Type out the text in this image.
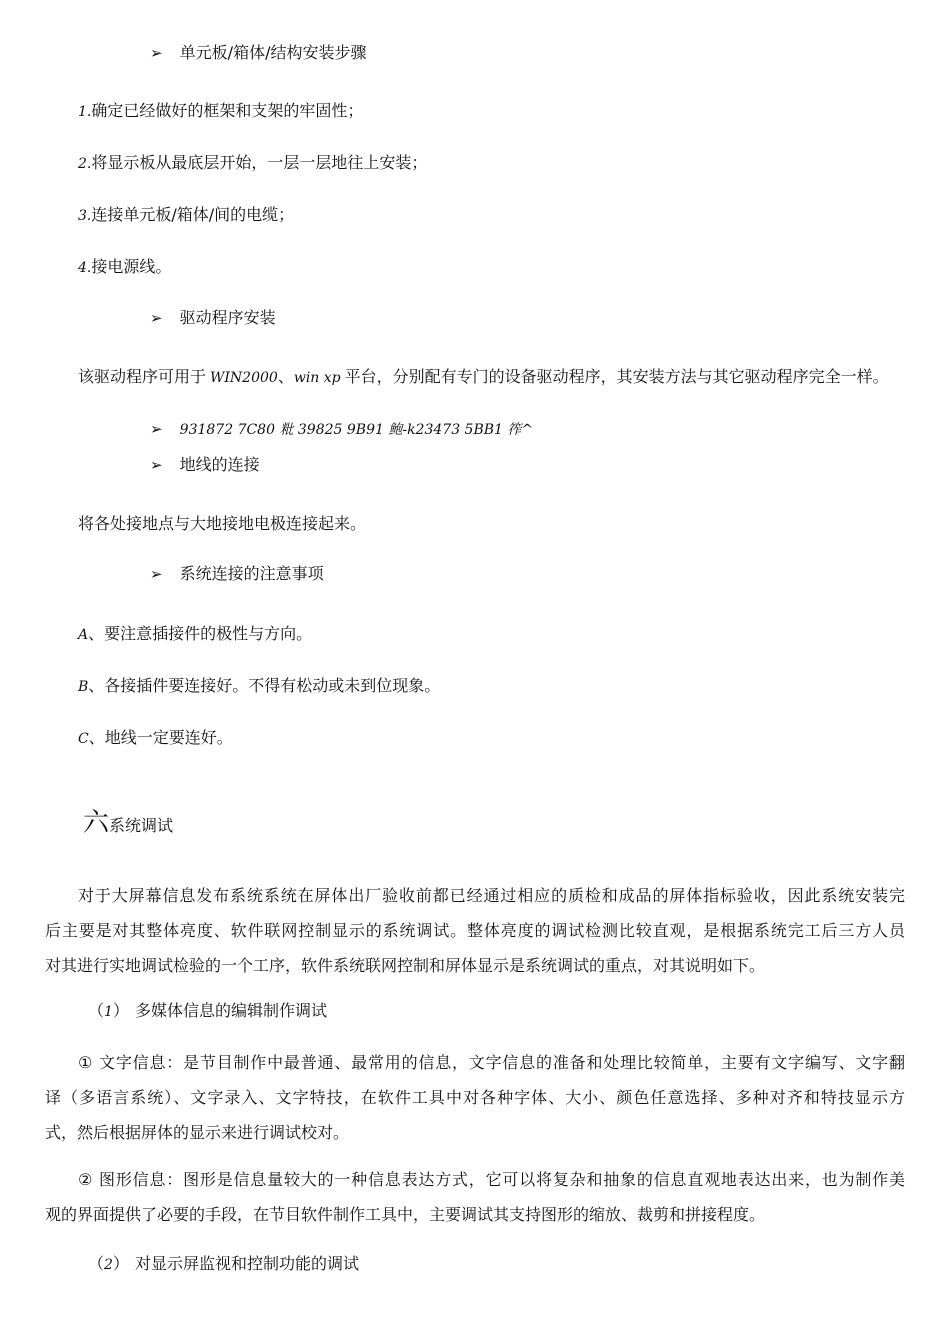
➢ 单元板/箱体/结构安装步骤
1.确定已经做好的框架和支架的牢固性；
2.将显示板从最底层开始，一层一层地往上安装；
3.连接单元板/箱体/间的电缆；
4.接电源线。
➢ 驱动程序安装
该驱动程序可用于 WIN2000、win xp 平台，分别配有专门的设备驱动程序，其安装方法与其它驱动程序完全一样。
➢ 931872 7C80 粃 39825 9B91 鲍-k23473 5BB1 筰^
➢ 地线的连接
将各处接地点与大地接地电极连接起来。
➢ 系统连接的注意事项
A、要注意插接件的极性与方向。
B、各接插件要连接好。不得有松动或未到位现象。
C、地线一定要连好。
六系统调试
对于大屏幕信息发布系统系统在屏体出厂验收前都已经通过相应的质检和成品的屏体指标验收，因此系统安装完
后主要是对其整体亮度、软件联网控制显示的系统调试。整体亮度的调试检测比较直观，是根据系统完工后三方人员
对其进行实地调试检验的一个工序，软件系统联网控制和屏体显示是系统调试的重点，对其说明如下。
（1） 多媒体信息的编辑制作调试
① 文字信息：是节目制作中最普通、最常用的信息，文字信息的准备和处理比较简单，主要有文字编写、文字翻
译（多语言系统）、文字录入、文字特技，在软件工具中对各种字体、大小、颜色任意选择、多种对齐和特技显示方
式，然后根据屏体的显示来进行调试校对。
② 图形信息：图形是信息量较大的一种信息表达方式，它可以将复杂和抽象的信息直观地表达出来，也为制作美
观的界面提供了必要的手段，在节目软件制作工具中，主要调试其支持图形的缩放、裁剪和拼接程度。
（2） 对显示屏监视和控制功能的调试
